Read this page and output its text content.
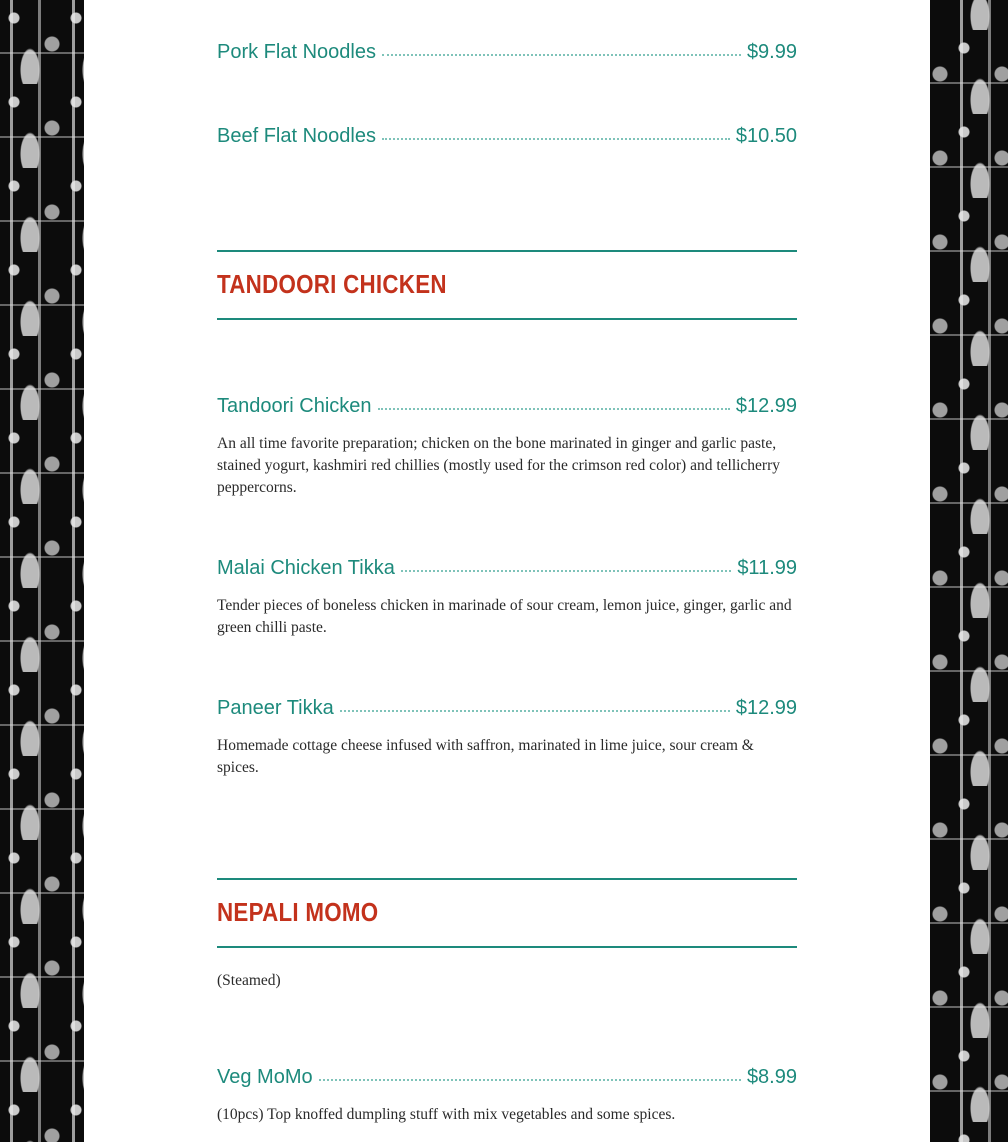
Pork Flat Noodles	$9.99
Beef Flat Noodles	$10.50
TANDOORI CHICKEN
Tandoori Chicken	$12.99
An all time favorite preparation; chicken on the bone marinated in ginger and garlic paste, stained yogurt, kashmiri red chillies (mostly used for the crimson red color) and tellicherry peppercorns.
Malai Chicken Tikka	$11.99
Tender pieces of boneless chicken in marinade of sour cream, lemon juice, ginger, garlic and green chilli paste.
Paneer Tikka	$12.99
Homemade cottage cheese infused with saffron, marinated in lime juice, sour cream & spices.
NEPALI MOMO
(Steamed)
Veg MoMo	$8.99
(10pcs) Top knoffed dumpling stuff with mix vegetables and some spices.
